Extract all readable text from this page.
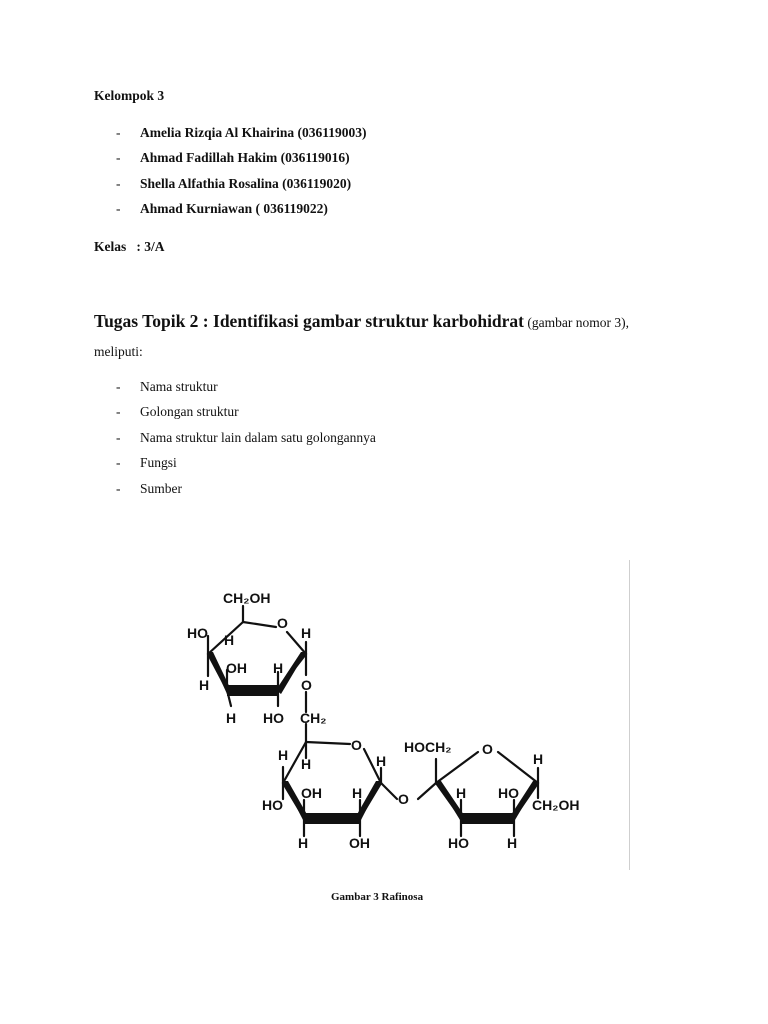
Kelompok 3
- Amelia Rizqia Al Khairina (036119003)
- Ahmad Fadillah Hakim (036119016)
- Shella Alfathia Rosalina (036119020)
- Ahmad Kurniawan ( 036119022)
Kelas   : 3/A
Tugas Topik 2 : Identifikasi gambar struktur karbohidrat (gambar nomor 3),
meliputi:
- Nama struktur
- Golongan struktur
- Nama struktur lain dalam satu golongannya
- Fungsi
- Sumber
CH₂OH
O
HO H	H
OH H
H	O
H HO CH₂
O
H
H	H
OH H	O
HO
H	OH
HOCH₂ O
H
H HO
CH₂OH
HO	H
Gambar 3 Rafinosa
